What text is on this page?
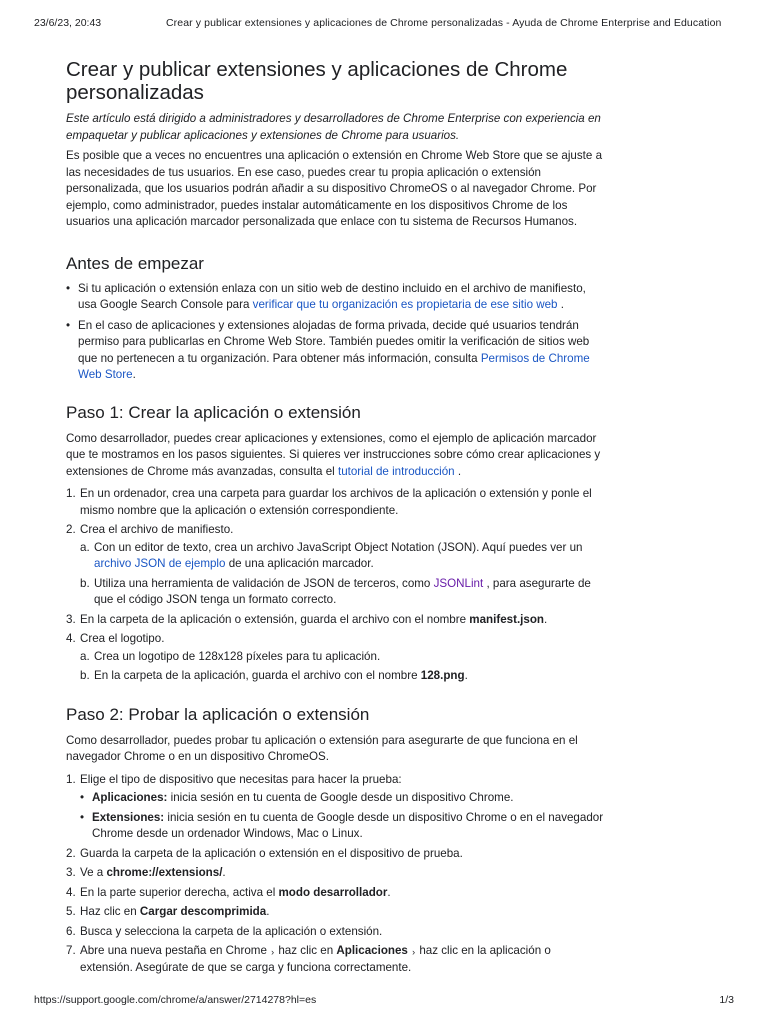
23/6/23, 20:43	Crear y publicar extensiones y aplicaciones de Chrome personalizadas - Ayuda de Chrome Enterprise and Education
Crear y publicar extensiones y aplicaciones de Chrome personalizadas

Este artículo está dirigido a administradores y desarrolladores de Chrome Enterprise con experiencia en empaquetar y publicar aplicaciones y extensiones de Chrome para usuarios.

Es posible que a veces no encuentres una aplicación o extensión en Chrome Web Store que se ajuste a las necesidades de tus usuarios. En ese caso, puedes crear tu propia aplicación o extensión personalizada, que los usuarios podrán añadir a su dispositivo ChromeOS o al navegador Chrome. Por ejemplo, como administrador, puedes instalar automáticamente en los dispositivos Chrome de los usuarios una aplicación marcador personalizada que enlace con tu sistema de Recursos Humanos.

Antes de empezar
• Si tu aplicación o extensión enlaza con un sitio web de destino incluido en el archivo de manifiesto, usa Google Search Console para verificar que tu organización es propietaria de ese sitio web .
• En el caso de aplicaciones y extensiones alojadas de forma privada, decide qué usuarios tendrán permiso para publicarlas en Chrome Web Store. También puedes omitir la verificación de sitios web que no pertenecen a tu organización. Para obtener más información, consulta Permisos de Chrome Web Store.
Paso 1: Crear la aplicación o extensión

Como desarrollador, puedes crear aplicaciones y extensiones, como el ejemplo de aplicación marcador que te mostramos en los pasos siguientes. Si quieres ver instrucciones sobre cómo crear aplicaciones y extensiones de Chrome más avanzadas, consulta el tutorial de introducción .

1. En un ordenador, crea una carpeta para guardar los archivos de la aplicación o extensión y ponle el mismo nombre que la aplicación o extensión correspondiente.
2. Crea el archivo de manifiesto.
a. Con un editor de texto, crea un archivo JavaScript Object Notation (JSON). Aquí puedes ver un archivo JSON de ejemplo de una aplicación marcador.
b. Utiliza una herramienta de validación de JSON de terceros, como JSONLint , para asegurarte de que el código JSON tenga un formato correcto.
3. En la carpeta de la aplicación o extensión, guarda el archivo con el nombre manifest.json.
4. Crea el logotipo.
a. Crea un logotipo de 128x128 píxeles para tu aplicación.
b. En la carpeta de la aplicación, guarda el archivo con el nombre 128.png.
Paso 2: Probar la aplicación o extensión

Como desarrollador, puedes probar tu aplicación o extensión para asegurarte de que funciona en el navegador Chrome o en un dispositivo ChromeOS.

1. Elige el tipo de dispositivo que necesitas para hacer la prueba:
• Aplicaciones: inicia sesión en tu cuenta de Google desde un dispositivo Chrome.
• Extensiones: inicia sesión en tu cuenta de Google desde un dispositivo Chrome o en el navegador Chrome desde un ordenador Windows, Mac o Linux.
2. Guarda la carpeta de la aplicación o extensión en el dispositivo de prueba.
3. Ve a chrome://extensions/.
4. En la parte superior derecha, activa el modo desarrollador.
5. Haz clic en Cargar descomprimida.
6. Busca y selecciona la carpeta de la aplicación o extensión.
7. Abre una nueva pestaña en Chrome › haz clic en Aplicaciones › haz clic en la aplicación o extensión. Asegúrate de que se carga y funciona correctamente.
https://support.google.com/chrome/a/answer/2714278?hl=es	1/3
